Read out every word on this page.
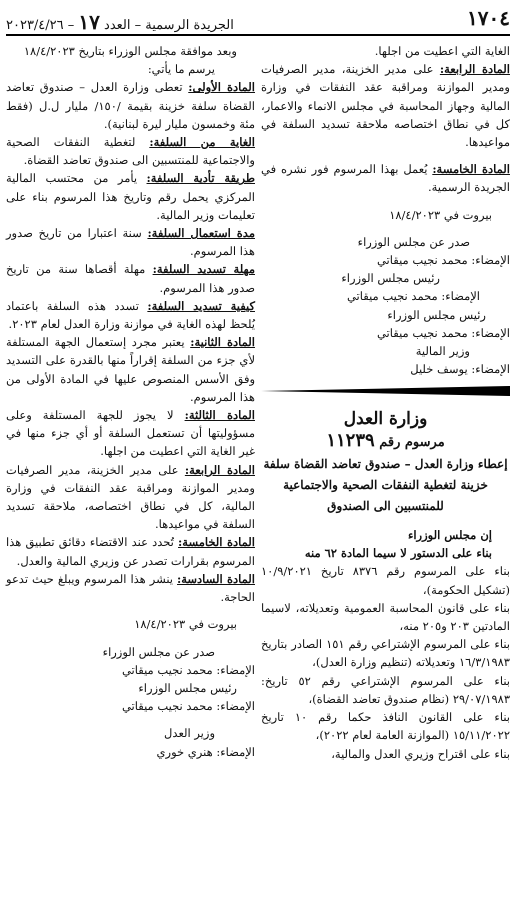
١٧٠٤
الجريدة الرسمية – العدد ١٧ – ٢٠٢٣/٤/٢٦

الغاية التي اعطيت من اجلها.

المادة الرابعة: على مدير الخزينة، مدير الصرفيات ومدير الموازنة ومراقبة عقد النفقات في وزارة المالية وجهاز المحاسبة في مجلس الانماء والاعمار، كل في نطاق اختصاصه ملاحقة تسديد السلفة في مواعيدها.

المادة الخامسة: يُعمل بهذا المرسوم فور نشره في الجريدة الرسمية.

بيروت في ١٨/٤/٢٠٢٣

صدر عن مجلس الوزراء

الإمضاء: محمد نجيب ميقاتي

رئيس مجلس الوزراء

الإمضاء: محمد نجيب ميقاتي

رئيس مجلس الوزراء

الإمضاء: محمد نجيب ميقاتي

وزير المالية

الإمضاء: يوسف خليل

وزارة العدل
مرسوم رقم ١١٢٣٩

إعطاء وزارة العدل – صندوق تعاضد القضاة سلفة خزينة لتغطية النفقات الصحية والاجتماعية للمنتسبين الى الصندوق

إن مجلس الوزراء

بناء على الدستور لا سيما المادة ٦٢ منه

بناء على المرسوم رقم ٨٣٧٦ تاريخ ١٠/٩/٢٠٢١ (تشكيل الحكومة)،

بناء على قانون المحاسبة العمومية وتعديلاته، لاسيما المادتين ٢٠٣ و٢٠٥ منه،

بناء على المرسوم الإشتراعي رقم ١٥١ الصادر بتاريخ ١٦/٣/١٩٨٣ وتعديلاته (تنظيم وزارة العدل)،

بناء على المرسوم الإشتراعي رقم ٥٢ تاريخ: ٢٩/٠٧/١٩٨٣ (نظام صندوق تعاضد القضاة)،

بناء على القانون النافذ حكما رقم ١٠ تاريخ ١٥/١١/٢٠٢٢ (الموازنة العامة لعام ٢٠٢٢)،

بناء على اقتراح وزيري العدل والمالية،

وبعد موافقة مجلس الوزراء بتاريخ ١٨/٤/٢٠٢٣

يرسم ما يأتي:

المادة الأولى: تعطى وزارة العدل – صندوق تعاضد القضاة سلفة خزينة بقيمة /١٥٠/ مليار ل.ل (فقط مئة وخمسون مليار ليرة لبنانية).

الغاية من السلفة: لتغطية النفقات الصحية والاجتماعية للمنتسبين الى صندوق تعاضد القضاة.

طريقة تأدية السلفة: يأمر من محتسب المالية المركزي يحمل رقم وتاريخ هذا المرسوم بناء على تعليمات وزير المالية.

مدة استعمال السلفة: سنة اعتبارا من تاريخ صدور هذا المرسوم.

مهلة تسديد السلفة: مهلة أقصاها سنة من تاريخ صدور هذا المرسوم.

كيفية تسديد السلفة: تسدد هذه السلفة باعتماد يُلحظ لهذه الغاية في موازنة وزارة العدل لعام ٢٠٢٣.

المادة الثانية: يعتبر مجرد إستعمال الجهة المستلفة لأي جزء من السلفة إقراراً منها بالقدرة على التسديد وفق الأسس المنصوص عليها في المادة الأولى من هذا المرسوم.

المادة الثالثة: لا يجوز للجهة المستلفة وعلى مسؤوليتها أن تستعمل السلفة أو أي جزء منها في غير الغاية التي اعطيت من اجلها.

المادة الرابعة: على مدير الخزينة، مدير الصرفيات ومدير الموازنة ومراقبة عقد النفقات في وزارة المالية، كل في نطاق اختصاصه، ملاحقة تسديد السلفة في مواعيدها.

المادة الخامسة: تُحدد عند الاقتضاء دقائق تطبيق هذا المرسوم بقرارات تصدر عن وزيري المالية والعدل.

المادة السادسة: ينشر هذا المرسوم ويبلغ حيث تدعو الحاجة.

بيروت في ١٨/٤/٢٠٢٣

صدر عن مجلس الوزراء

الإمضاء: محمد نجيب ميقاتي

رئيس مجلس الوزراء

الإمضاء: محمد نجيب ميقاتي

وزير العدل

الإمضاء: هنري خوري
